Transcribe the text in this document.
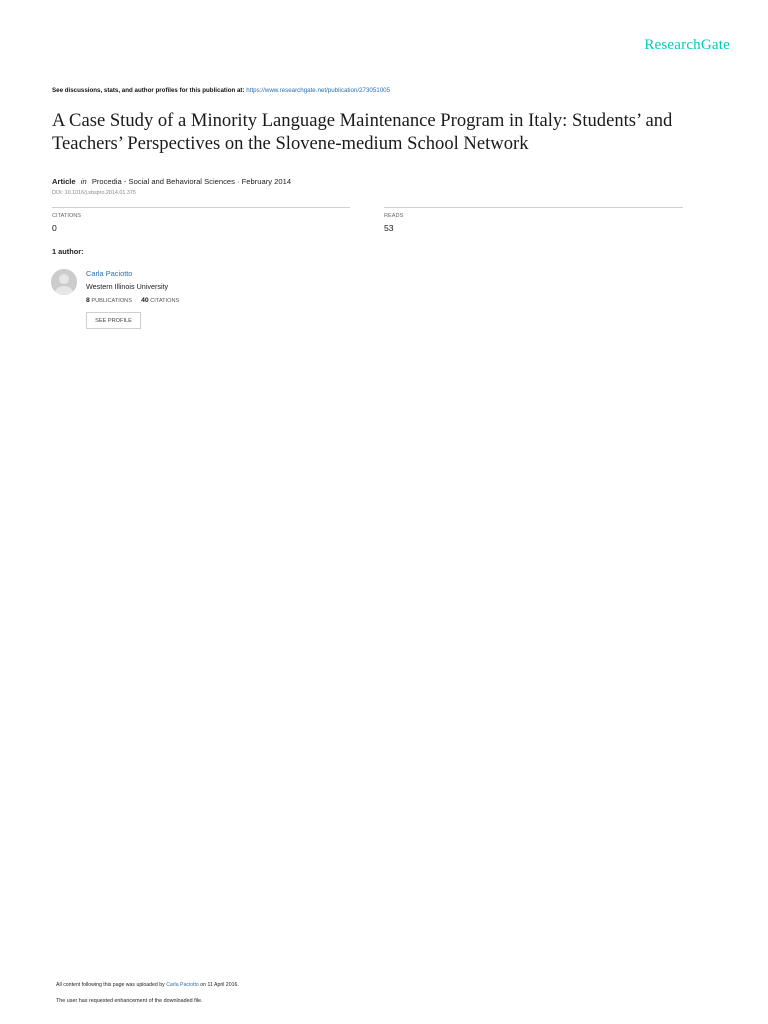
ResearchGate
See discussions, stats, and author profiles for this publication at: https://www.researchgate.net/publication/273051005
A Case Study of a Minority Language Maintenance Program in Italy: Students’ and Teachers’ Perspectives on the Slovene-medium School Network
Article in Procedia - Social and Behavioral Sciences · February 2014
DOI: 10.1016/j.sbspro.2014.01.375
CITATIONS
0
READS
53
1 author:
Carla Paciotto
Western Illinois University
8 PUBLICATIONS 40 CITATIONS
SEE PROFILE
All content following this page was uploaded by Carla Paciotto on 11 April 2016.
The user has requested enhancement of the downloaded file.
